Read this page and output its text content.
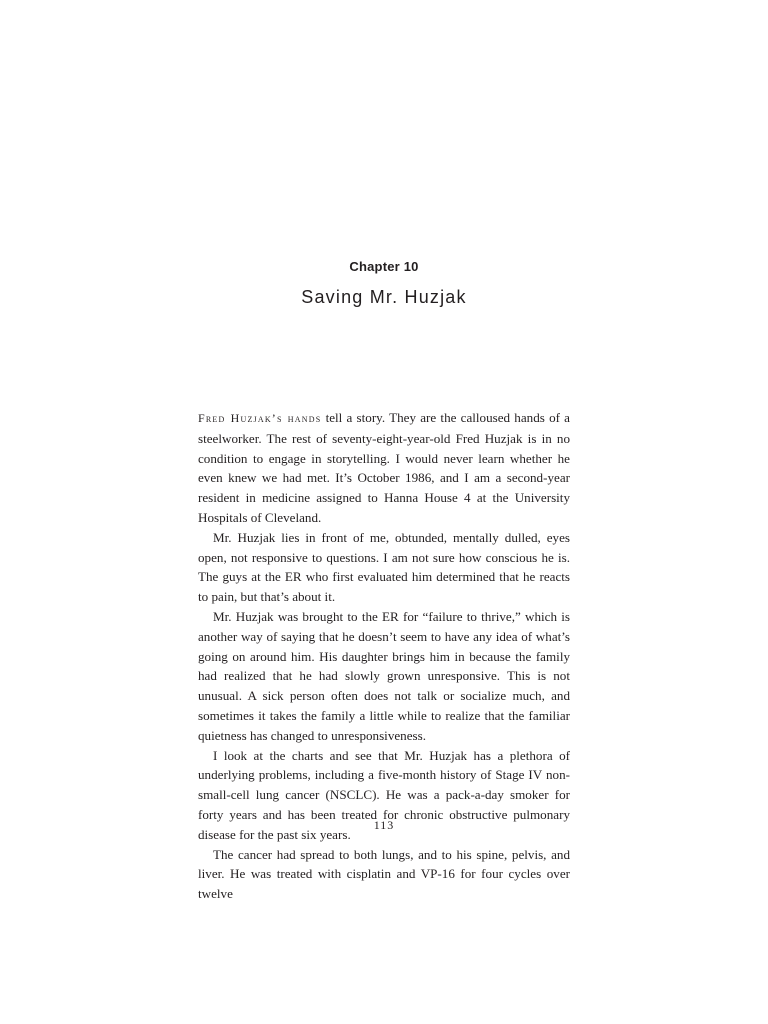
Chapter 10
Saving Mr. Huzjak

Fred Huzjak’s hands tell a story. They are the calloused hands of a steelworker. The rest of seventy-eight-year-old Fred Huzjak is in no condition to engage in storytelling. I would never learn whether he even knew we had met. It’s October 1986, and I am a second-year resident in medicine assigned to Hanna House 4 at the University Hospitals of Cleveland.

Mr. Huzjak lies in front of me, obtunded, mentally dulled, eyes open, not responsive to questions. I am not sure how conscious he is. The guys at the ER who first evaluated him determined that he reacts to pain, but that’s about it.

Mr. Huzjak was brought to the ER for “failure to thrive,” which is another way of saying that he doesn’t seem to have any idea of what’s going on around him. His daughter brings him in because the family had realized that he had slowly grown unresponsive. This is not unusual. A sick person often does not talk or socialize much, and sometimes it takes the family a little while to realize that the familiar quietness has changed to unresponsiveness.

I look at the charts and see that Mr. Huzjak has a plethora of underlying problems, including a five-month history of Stage IV non-small-cell lung cancer (NSCLC). He was a pack-a-day smoker for forty years and has been treated for chronic obstructive pulmonary disease for the past six years.

The cancer had spread to both lungs, and to his spine, pelvis, and liver. He was treated with cisplatin and VP-16 for four cycles over twelve

113
